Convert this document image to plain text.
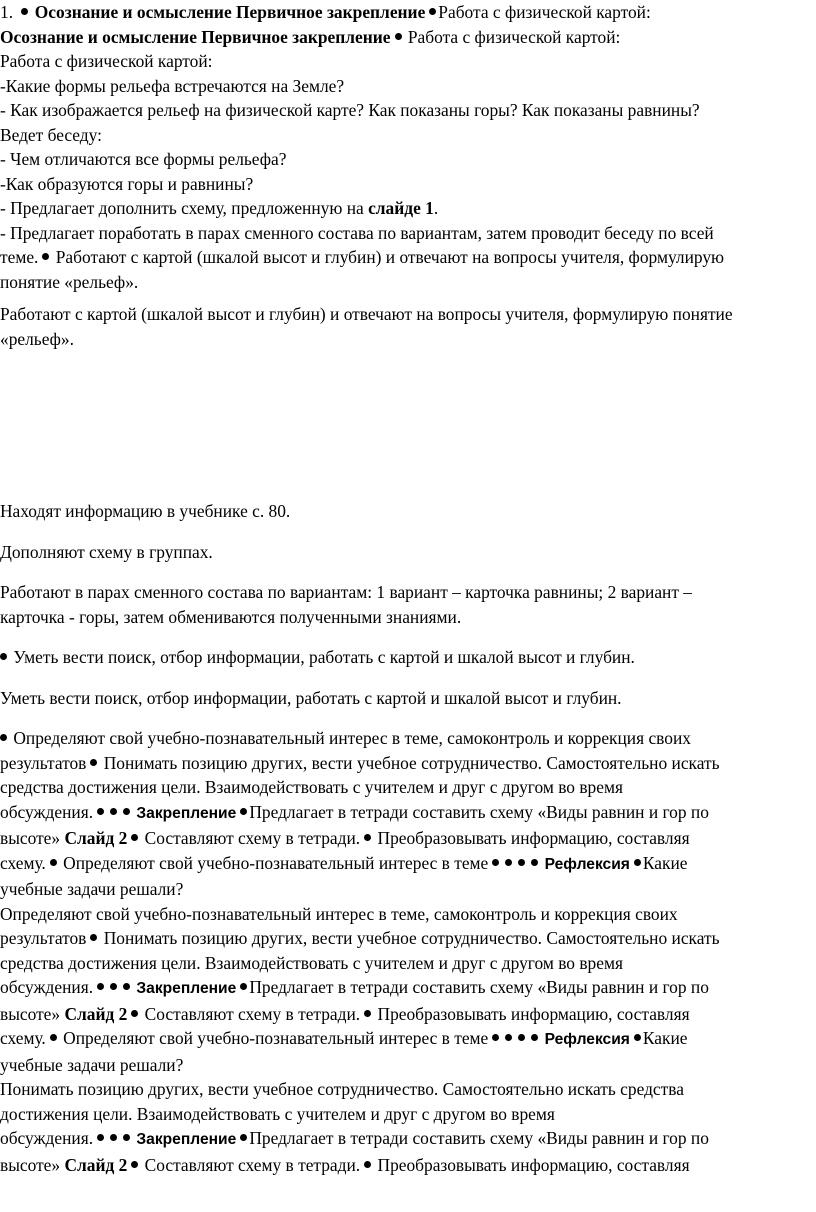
1. Осознание и осмысление Первичное закрепление Работа с физической картой:
Осознание и осмысление Первичное закрепление Работа с физической картой:
Работа с физической картой:
-Какие формы рельефа встречаются на Земле?
- Как изображается рельеф на физической карте? Как показаны горы? Как показаны равнины?
Ведет беседу:
- Чем отличаются все формы рельефа?
-Как образуются горы и равнины?
- Предлагает дополнить схему, предложенную на слайде 1.
- Предлагает поработать в парах сменного состава по вариантам, затем проводит беседу по всей
теме. Работают с картой (шкалой высот и глубин) и отвечают на вопросы учителя, формулирую
понятие «рельеф».
Работают с картой (шкалой высот и глубин) и отвечают на вопросы учителя, формулирую понятие
«рельеф».
Находят информацию в учебнике с. 80.
Дополняют схему в группах.
Работают в парах сменного состава по вариантам: 1 вариант – карточка равнины; 2 вариант –
карточка - горы, затем обмениваются полученными знаниями.
Уметь вести поиск, отбор информации, работать с картой и шкалой высот и глубин.
Уметь вести поиск, отбор информации, работать с картой и шкалой высот и глубин.
Определяют свой учебно-познавательный интерес в теме, самоконтроль и коррекция своих
результатов Понимать позицию других, вести учебное сотрудничество. Самостоятельно искать
средства достижения цели. Взаимодействовать с учителем и друг с другом во время
обсуждения.	Закрепление Предлагает в тетради составить схему «Виды равнин и гор по
высоте» Слайд 2 Составляют схему в тетради. Преобразовывать информацию, составляя
схему. Определяют свой учебно-познавательный интерес в теме	Рефлексия Какие
учебные задачи решали?
Определяют свой учебно-познавательный интерес в теме, самоконтроль и коррекция своих
результатов Понимать позицию других, вести учебное сотрудничество. Самостоятельно искать
средства достижения цели. Взаимодействовать с учителем и друг с другом во время
обсуждения.	Закрепление Предлагает в тетради составить схему «Виды равнин и гор по
высоте» Слайд 2 Составляют схему в тетради. Преобразовывать информацию, составляя
схему. Определяют свой учебно-познавательный интерес в теме	Рефлексия Какие
учебные задачи решали?
Понимать позицию других, вести учебное сотрудничество. Самостоятельно искать средства
достижения цели. Взаимодействовать с учителем и друг с другом во время
обсуждения.	Закрепление Предлагает в тетради составить схему «Виды равнин и гор по
высоте» Слайд 2 Составляют схему в тетради. Преобразовывать информацию, составляя
